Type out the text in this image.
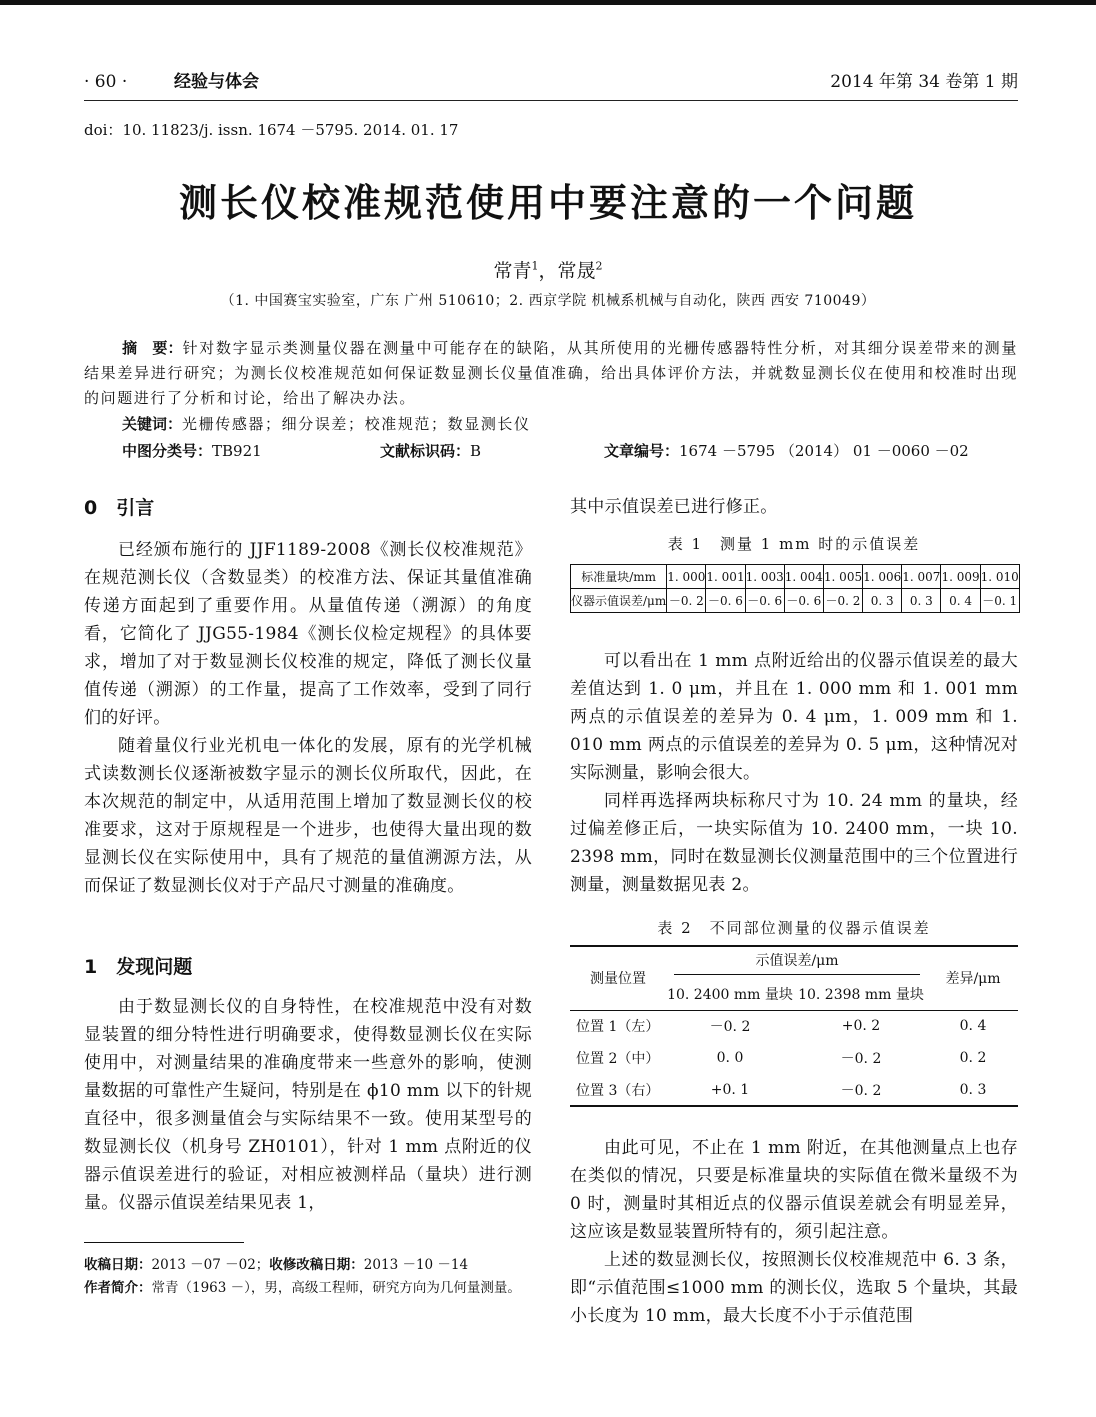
· 60 ·	经验与体会	2014 年第 34 卷第 1 期
doi：10. 11823/j. issn. 1674 －5795. 2014. 01. 17
测长仪校准规范使用中要注意的一个问题
常青$^1$，常晟$^2$
（1. 中国赛宝实验室，广东 广州 510610；2. 西京学院 机械系机械与自动化，陕西 西安 710049）
摘　要：针对数字显示类测量仪器在测量中可能存在的缺陷，从其所使用的光栅传感器特性分析，对其细分误差带来的测量结果差异进行研究；为测长仪校准规范如何保证数显测长仪量值准确，给出具体评价方法，并就数显测长仪在使用和校准时出现的问题进行了分析和讨论，给出了解决办法。
关键词：光栅传感器；细分误差；校准规范；数显测长仪
中图分类号：TB921	文献标识码：B	文章编号：1674 －5795 （2014） 01 －0060 －02
0　引言

已经颁布施行的 JJF1189-2008《测长仪校准规范》在规范测长仪（含数显类）的校准方法、保证其量值准确传递方面起到了重要作用。从量值传递（溯源）的角度看，它简化了 JJG55-1984《测长仪检定规程》的具体要求，增加了对于数显测长仪校准的规定，降低了测长仪量值传递（溯源）的工作量，提高了工作效率，受到了同行们的好评。

随着量仪行业光机电一体化的发展，原有的光学机械式读数测长仪逐渐被数字显示的测长仪所取代，因此，在本次规范的制定中，从适用范围上增加了数显测长仪的校准要求，这对于原规程是一个进步，也使得大量出现的数显测长仪在实际使用中，具有了规范的量值溯源方法，从而保证了数显测长仪对于产品尺寸测量的准确度。

1　发现问题

由于数显测长仪的自身特性，在校准规范中没有对数显装置的细分特性进行明确要求，使得数显测长仪在实际使用中，对测量结果的准确度带来一些意外的影响，使测量数据的可靠性产生疑问，特别是在 ϕ10 mm 以下的针规直径中，很多测量值会与实际结果不一致。使用某型号的数显测长仪（机身号 ZH0101），针对 1 mm 点附近的仪器示值误差进行的验证，对相应被测样品（量块）进行测量。仪器示值误差结果见表 1，

收稿日期：2013 －07 －02；收修改稿日期：2013 －10 －14
作者简介：常青（1963 －），男，高级工程师，研究方向为几何量测量。
其中示值误差已进行修正。
表 1　测量 1 mm 时的示值误差
标准量块/mm	1. 000	1. 001	1. 003	1. 004	1. 005	1. 006	1. 007	1. 009	1. 010
仪器示值误差/μm	－0. 2	－0. 6	－0. 6	－0. 6	－0. 2	0. 3	0. 3	0. 4	－0. 1

可以看出在 1 mm 点附近给出的仪器示值误差的最大差值达到 1. 0 μm，并且在 1. 000 mm 和 1. 001 mm 两点的示值误差的差异为 0. 4 μm，1. 009 mm 和 1. 010 mm 两点的示值误差的差异为 0. 5 μm，这种情况对实际测量，影响会很大。

同样再选择两块标称尺寸为 10. 24 mm 的量块，经过偏差修正后，一块实际值为 10. 2400 mm，一块 10. 2398 mm，同时在数显测长仪测量范围中的三个位置进行测量，测量数据见表 2。

表 2　不同部位测量的仪器示值误差
测量位置	示值误差/μm		差异/μm
	10. 2400 mm 量块	10. 2398 mm 量块	
位置 1（左）	－0. 2	+0. 2	0. 4
位置 2（中）	0. 0	－0. 2	0. 2
位置 3（右）	+0. 1	－0. 2	0. 3

由此可见，不止在 1 mm 附近，在其他测量点上也存在类似的情况，只要是标准量块的实际值在微米量级不为 0 时，测量时其相近点的仪器示值误差就会有明显差异，这应该是数显装置所特有的，须引起注意。

上述的数显测长仪，按照测长仪校准规范中 6. 3 条，即“示值范围≤1000 mm 的测长仪，选取 5 个量块，其最小长度为 10 mm，最大长度不小于示值范围
